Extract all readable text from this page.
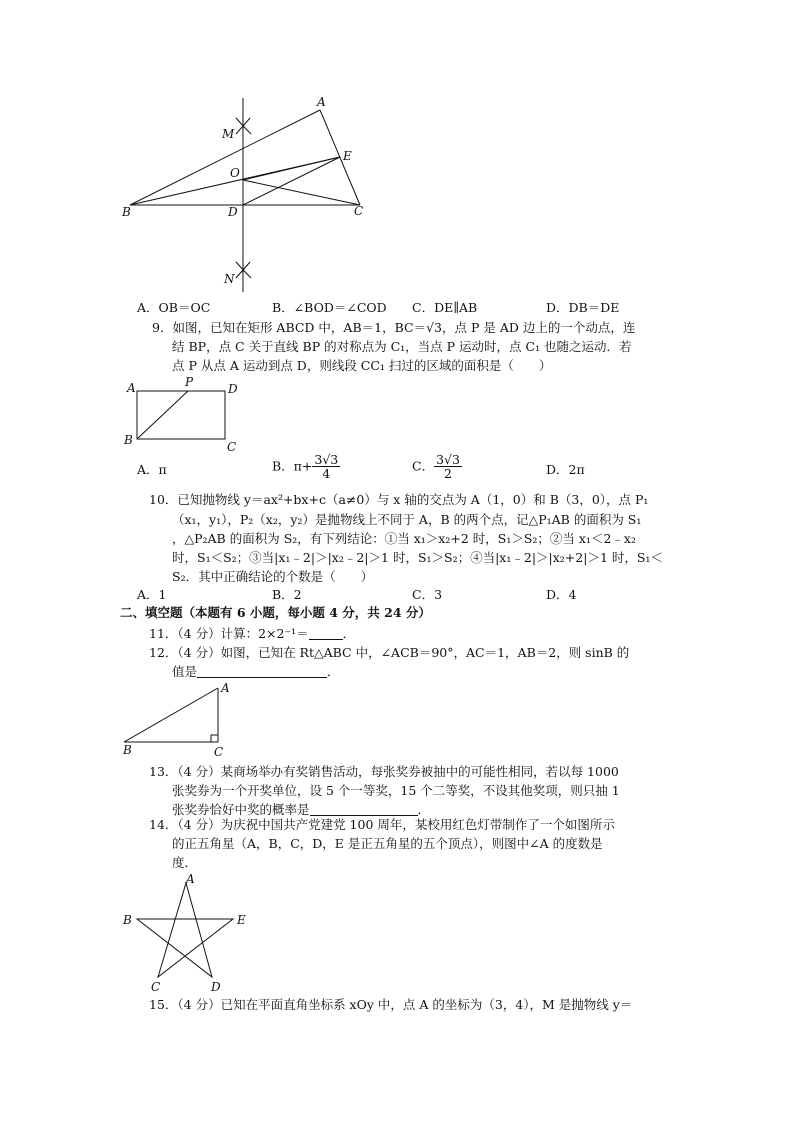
M
A
O
E
B	D	C
N
A．OB＝OC	B．∠BOD＝∠COD C．DE∥AB	D．DB＝DE
9．如图，已知在矩形 ABCD 中，AB＝1，BC＝√3，点 P 是 AD 边上的一个动点，连
结 BP，点 C 关于直线 BP 的对称点为 C₁，当点 P 运动时，点 C₁ 也随之运动．若
点 P 从点 A 运动到点 D，则线段 CC₁ 扫过的区域的面积是（　　）
A	P	D
B	C
A．π	B．$\pi+ \frac{3√3}{4}$	C． $\frac{3√3}{2}$	D．2π
10．已知抛物线 y＝ax²+bx+c（a≠0）与 x 轴的交点为 A（1，0）和 B（3，0），点 P₁
（x₁，y₁），P₂（x₂，y₂）是抛物线上不同于 A，B 的两个点，记△P₁AB 的面积为 S₁
，△P₂AB 的面积为 S₂，有下列结论：①当 x₁＞x₂+2 时，S₁＞S₂；②当 x₁＜2﹣x₂
时，S₁＜S₂；③当|x₁﹣2|＞|x₂﹣2|＞1 时，S₁＞S₂；④当|x₁﹣2|＞|x₂+2|＞1 时，S₁＜
S₂．其中正确结论的个数是（　　）
A．1	B．2	C．3	D．4
二、填空题（本题有 6 小题，每小题 4 分，共 24 分）
11．（4 分）计算：2×2⁻¹＝	．
12．（4 分）如图，已知在 Rt△ABC 中，∠ACB＝90°，AC＝1，AB＝2，则 sinB 的
值是	．
A
B	C
13．（4 分）某商场举办有奖销售活动，每张奖券被抽中的可能性相同，若以每 1000
张奖券为一个开奖单位，设 5 个一等奖，15 个二等奖，不设其他奖项，则只抽 1
张奖券恰好中奖的概率是	．
14．（4 分）为庆祝中国共产党建党 100 周年，某校用红色灯带制作了一个如图所示
的正五角星（A，B，C，D，E 是正五角星的五个顶点），则图中∠A 的度数是
度．
A
B	E
C	D
15．（4 分）已知在平面直角坐标系 xOy 中，点 A 的坐标为（3，4），M 是抛物线 y＝
